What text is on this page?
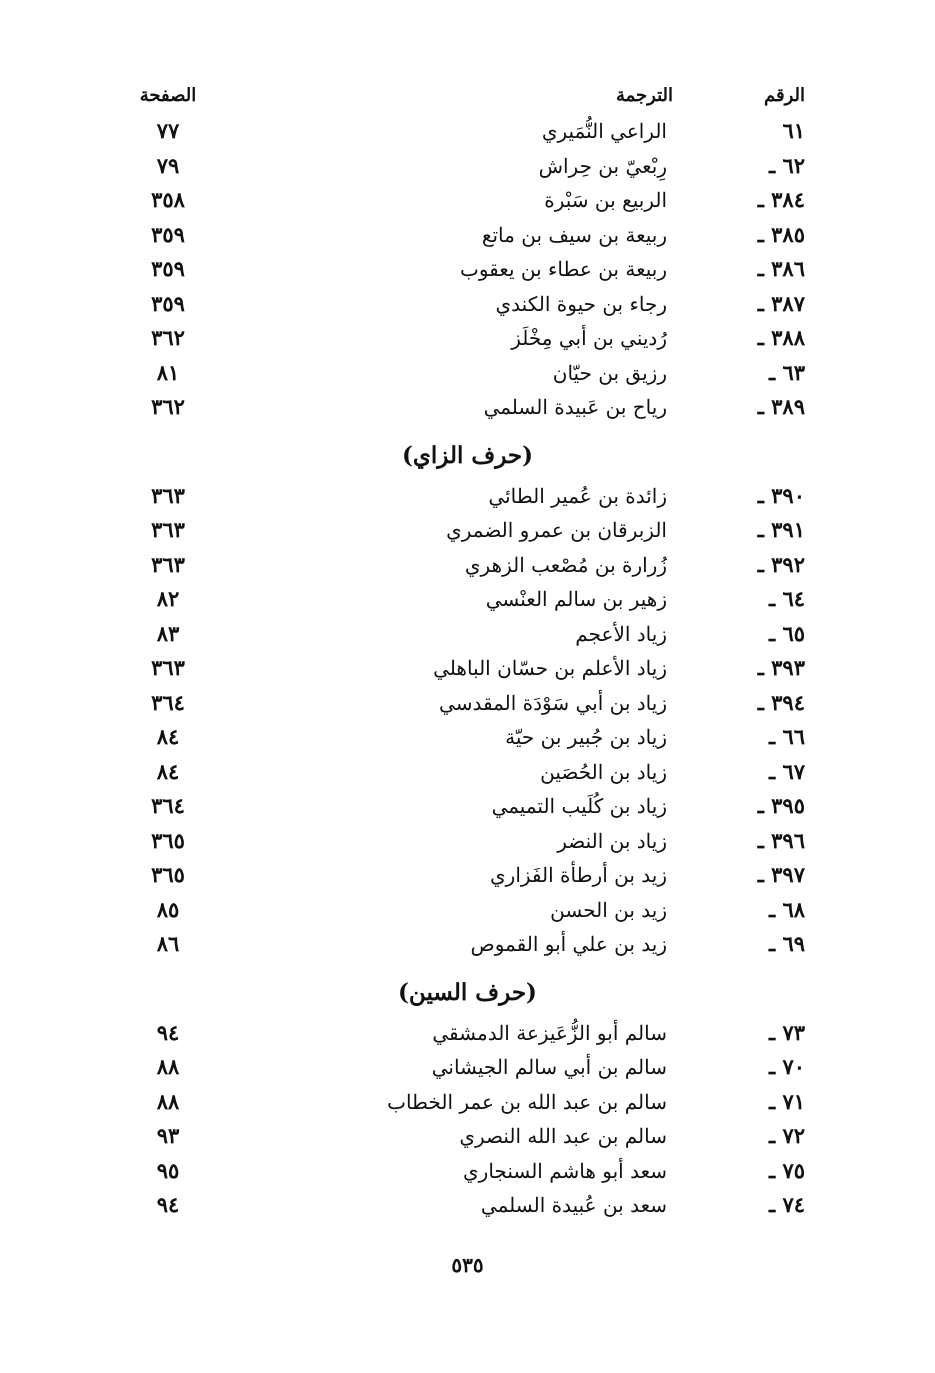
الرقم
الترجمة
الصفحة
٦١
الراعي النُّمَيري
٧٧
٦٢ ـ
رِبْعيّ بن حِراش
٧٩
٣٨٤ ـ
الربيع بن سَبْرة
٣٥٨
٣٨٥ ـ
ربيعة بن سيف بن ماتع
٣٥٩
٣٨٦ ـ
ربيعة بن عطاء بن يعقوب
٣٥٩
٣٨٧ ـ
رجاء بن حيوة الكندي
٣٥٩
٣٨٨ ـ
رُديني بن أبي مِخْلَز
٣٦٢
٦٣ ـ
رزيق بن حيّان
٨١
٣٨٩ ـ
رياح بن عَبيدة السلمي
٣٦٢
(حرف الزاي)
٣٩٠ ـ
زائدة بن عُمير الطائي
٣٦٣
٣٩١ ـ
الزبرقان بن عمرو الضمري
٣٦٣
٣٩٢ ـ
زُرارة بن مُصْعب الزهري
٣٦٣
٦٤ ـ
زهير بن سالم العنْسي
٨٢
٦٥ ـ
زياد الأعجم
٨٣
٣٩٣ ـ
زياد الأعلم بن حسّان الباهلي
٣٦٣
٣٩٤ ـ
زياد بن أبي سَوْدَة المقدسي
٣٦٤
٦٦ ـ
زياد بن جُبير بن حيّة
٨٤
٦٧ ـ
زياد بن الحُصَين
٨٤
٣٩٥ ـ
زياد بن كُلَيب التميمي
٣٦٤
٣٩٦ ـ
زياد بن النضر
٣٦٥
٣٩٧ ـ
زيد بن أرطأة الفَزاري
٣٦٥
٦٨ ـ
زيد بن الحسن
٨٥
٦٩ ـ
زيد بن علي أبو القموص
٨٦
(حرف السين)
٧٣ ـ
سالم أبو الزُّعَيزعة الدمشقي
٩٤
٧٠ ـ
سالم بن أبي سالم الجيشاني
٨٨
٧١ ـ
سالم بن عبد الله بن عمر الخطاب
٨٨
٧٢ ـ
سالم بن عبد الله النصري
٩٣
٧٥ ـ
سعد أبو هاشم السنجاري
٩٥
٧٤ ـ
سعد بن عُبيدة السلمي
٩٤
٥٣٥
